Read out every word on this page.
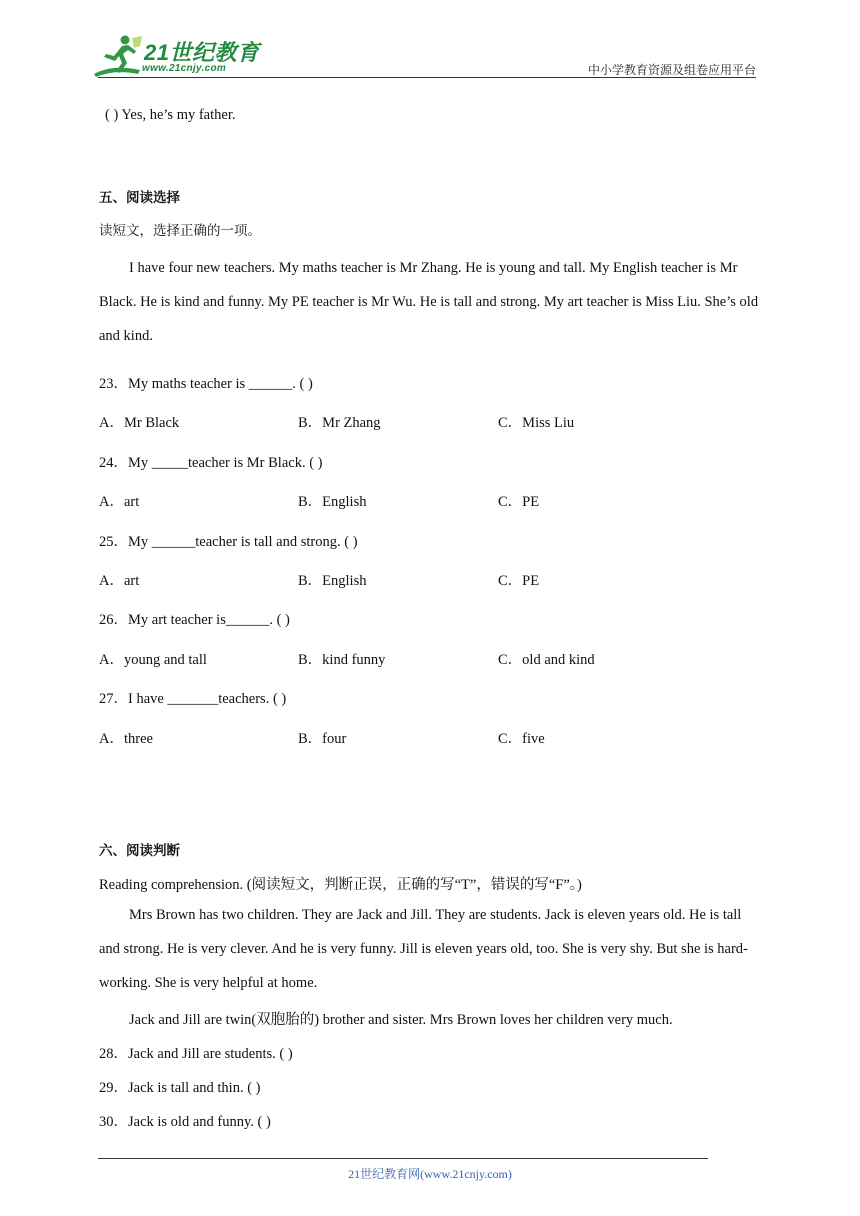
21世纪教育
www.21cnjy.com	中小学教育资源及组卷应用平台
( ) Yes, he’s my father.
五、阅读选择
读短文，选择正确的一项。
I have four new teachers. My maths teacher is Mr Zhang. He is young and tall. My English teacher is Mr Black. He is kind and funny. My PE teacher is Mr Wu. He is tall and strong. My art teacher is Miss Liu. She’s old and kind.
23．My maths teacher is ______. ( )
A．Mr Black	B．Mr Zhang	C．Miss Liu
24．My _____teacher is Mr Black. ( )
A．art	B．English	C．PE
25．My ______teacher is tall and strong. ( )
A．art	B．English	C．PE
26．My art teacher is______. ( )
A．young and tall	B．kind funny	C．old and kind
27．I have _______teachers. ( )
A．three	B．four	C．five
六、阅读判断
Reading comprehension. (阅读短文，判断正误，正确的写“T”，错误的写“F”。)
Mrs Brown has two children. They are Jack and Jill. They are students. Jack is eleven years old. He is tall and strong. He is very clever. And he is very funny. Jill is eleven years old, too. She is very shy. But she is hard-working. She is very helpful at home.
Jack and Jill are twin(双胞胎的) brother and sister. Mrs Brown loves her children very much.
28．Jack and Jill are students. ( )
29．Jack is tall and thin. ( )
30．Jack is old and funny. ( )
21世纪教育网(www.21cnjy.com)
